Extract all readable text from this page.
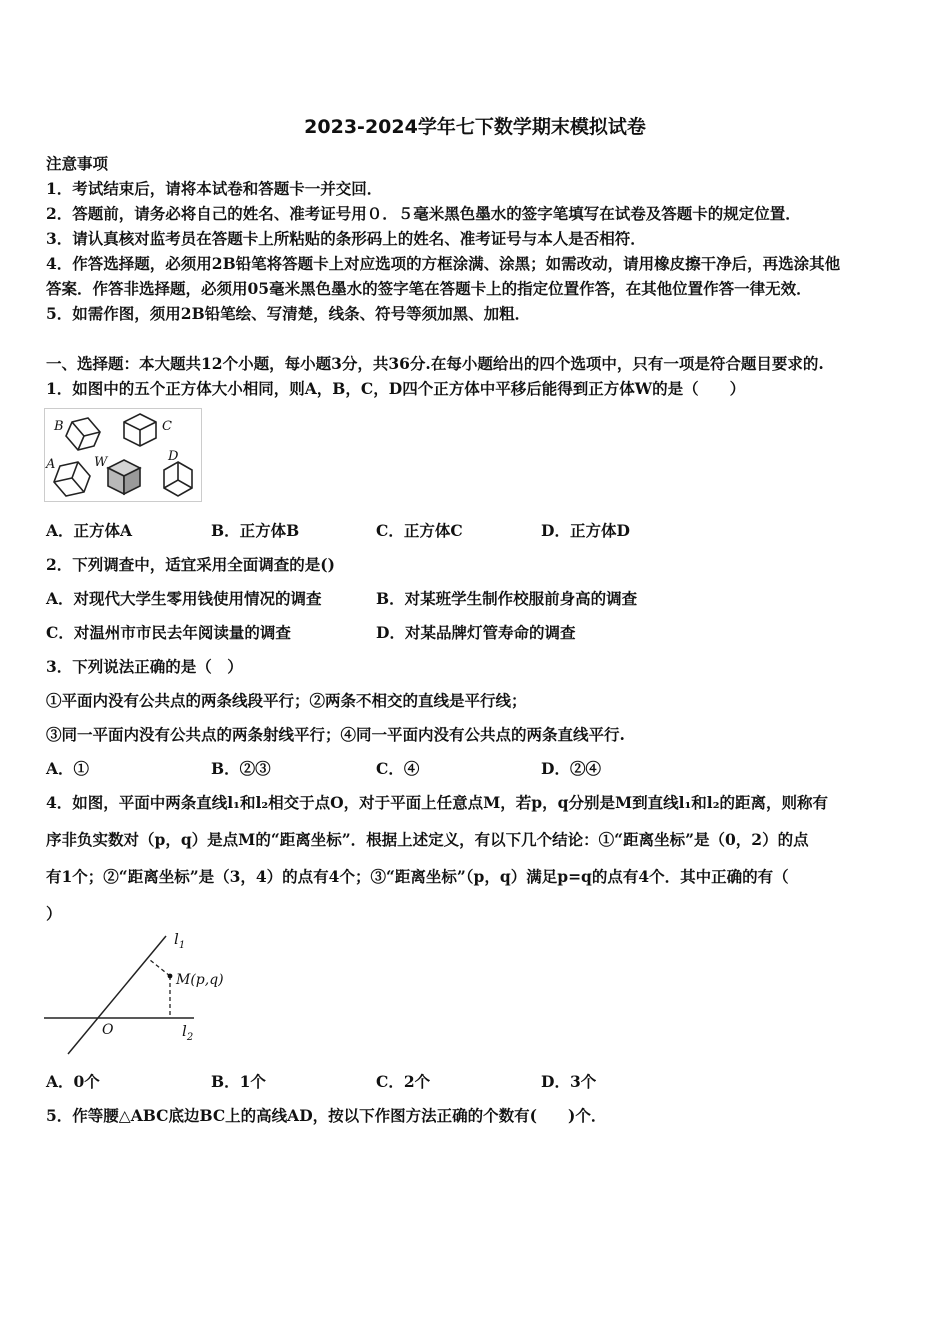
2023-2024学年七下数学期末模拟试卷
注意事项
1．考试结束后，请将本试卷和答题卡一并交回．
2．答题前，请务必将自己的姓名、准考证号用０．５毫米黑色墨水的签字笔填写在试卷及答题卡的规定位置．
3．请认真核对监考员在答题卡上所粘贴的条形码上的姓名、准考证号与本人是否相符．
4．作答选择题，必须用2B铅笔将答题卡上对应选项的方框涂满、涂黑；如需改动，请用橡皮擦干净后，再选涂其他
答案．作答非选择题，必须用05毫米黑色墨水的签字笔在答题卡上的指定位置作答，在其他位置作答一律无效．
5．如需作图，须用2B铅笔绘、写清楚，线条、符号等须加黑、加粗．
一、选择题：本大题共12个小题，每小题3分，共36分.在每小题给出的四个选项中，只有一项是符合题目要求的.
1．如图中的五个正方体大小相同，则A，B，C，D四个正方体中平移后能得到正方体W的是（　　）
B	C
A	W	D
A．正方体A	B．正方体B	C．正方体C	D．正方体D
2．下列调查中，适宜采用全面调查的是()
A．对现代大学生零用钱使用情况的调查	B．对某班学生制作校服前身高的调查
C．对温州市市民去年阅读量的调查	D．对某品牌灯管寿命的调查
3．下列说法正确的是（　）
①平面内没有公共点的两条线段平行；②两条不相交的直线是平行线；
③同一平面内没有公共点的两条射线平行；④同一平面内没有公共点的两条直线平行.
A．①	B．②③	C．④	D．②④
4．如图，平面中两条直线l₁和l₂相交于点O，对于平面上任意点M，若p，q分别是M到直线l₁和l₂的距离，则称有
序非负实数对（p，q）是点M的“距离坐标”．根据上述定义，有以下几个结论：①“距离坐标”是（0，2）的点
有1个；②“距离坐标”是（3，4）的点有4个；③“距离坐标”（p，q）满足p=q的点有4个．其中正确的有（
）
$l_1$
M(p,q)
O	$l_2$
A．0个	B．1个	C．2个	D．3个
5．作等腰△ABC底边BC上的高线AD，按以下作图方法正确的个数有(　　)个．
